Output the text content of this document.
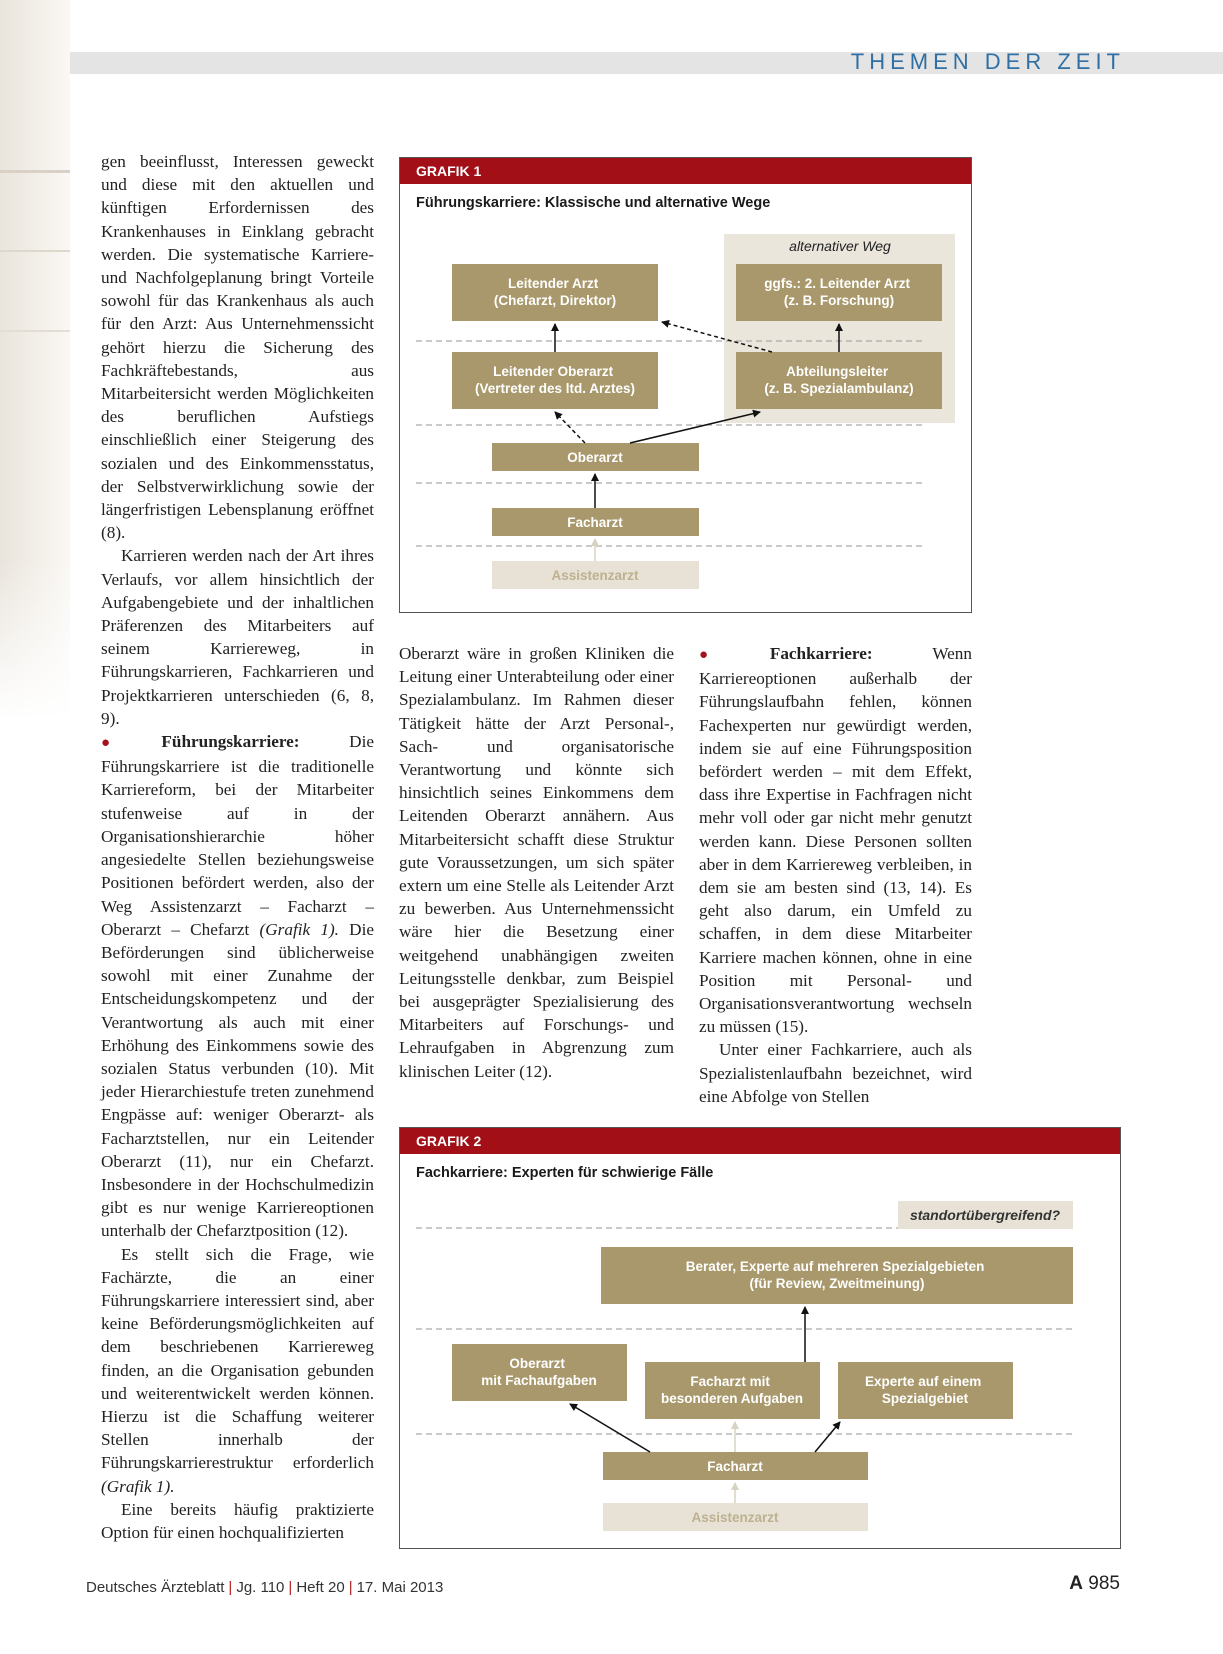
THEMEN DER ZEIT

gen beeinflusst, Interessen geweckt und diese mit den aktuellen und künftigen Erfordernissen des Krankenhauses in Einklang gebracht werden. Die systematische Karriere- und Nachfolgeplanung bringt Vorteile sowohl für das Krankenhaus als auch für den Arzt: Aus Unternehmenssicht gehört hierzu die Sicherung des Fachkräftebestands, aus Mitarbeitersicht werden Möglichkeiten des beruflichen Aufstiegs einschließlich einer Steigerung des sozialen und des Einkommensstatus, der Selbstverwirklichung sowie der längerfristigen Lebensplanung eröffnet (8).

Karrieren werden nach der Art ihres Verlaufs, vor allem hinsichtlich der Aufgabengebiete und der inhaltlichen Präferenzen des Mitarbeiters auf seinem Karriereweg, in Führungskarrieren, Fachkarrieren und Projektkarrieren unterschieden (6, 8, 9).

● Führungskarriere: Die Führungskarriere ist die traditionelle Karriereform, bei der Mitarbeiter stufenweise auf in der Organisationshierarchie höher angesiedelte Stellen beziehungsweise Positionen befördert werden, also der Weg Assistenzarzt – Facharzt – Oberarzt – Chefarzt (Grafik 1). Die Beförderungen sind üblicherweise sowohl mit einer Zunahme der Entscheidungskompetenz und der Verantwortung als auch mit einer Erhöhung des Einkommens sowie des sozialen Status verbunden (10). Mit jeder Hierarchiestufe treten zunehmend Engpässe auf: weniger Oberarzt- als Facharztstellen, nur ein Leitender Oberarzt (11), nur ein Chefarzt. Insbesondere in der Hochschulmedizin gibt es nur wenige Karriereoptionen unterhalb der Chefarztposition (12).

Es stellt sich die Frage, wie Fachärzte, die an einer Führungskarriere interessiert sind, aber keine Beförderungsmöglichkeiten auf dem beschriebenen Karriereweg finden, an die Organisation gebunden und weiterentwickelt werden können. Hierzu ist die Schaffung weiterer Stellen innerhalb der Führungskarrierestruktur erforderlich (Grafik 1).

Eine bereits häufig praktizierte Option für einen hochqualifizierten

Oberarzt wäre in großen Kliniken die Leitung einer Unterabteilung oder einer Spezialambulanz. Im Rahmen dieser Tätigkeit hätte der Arzt Personal-, Sach- und organisatorische Verantwortung und könnte sich hinsichtlich seines Einkommens dem Leitenden Oberarzt annähern. Aus Mitarbeitersicht schafft diese Struktur gute Voraussetzungen, um sich später extern um eine Stelle als Leitender Arzt zu bewerben. Aus Unternehmenssicht wäre hier die Besetzung einer weitgehend unabhängigen zweiten Leitungsstelle denkbar, zum Beispiel bei ausgeprägter Spezialisierung des Mitarbeiters auf Forschungs- und Lehraufgaben in Abgrenzung zum klinischen Leiter (12).

● Fachkarriere: Wenn Karriereoptionen außerhalb der Führungslaufbahn fehlen, können Fachexperten nur gewürdigt werden, indem sie auf eine Führungsposition befördert werden – mit dem Effekt, dass ihre Expertise in Fachfragen nicht mehr voll oder gar nicht mehr genutzt werden kann. Diese Personen sollten aber in dem Karriereweg verbleiben, in dem sie am besten sind (13, 14). Es geht also darum, ein Umfeld zu schaffen, in dem diese Mitarbeiter Karriere machen können, ohne in eine Position mit Personal- und Organisationsverantwortung wechseln zu müssen (15).

Unter einer Fachkarriere, auch als Spezialistenlaufbahn bezeichnet, wird eine Abfolge von Stellen

GRAFIK 1
Führungskarriere: Klassische und alternative Wege
alternativer Weg
Leitender Arzt (Chefarzt, Direktor)
ggfs.: 2. Leitender Arzt (z. B. Forschung)
Leitender Oberarzt (Vertreter des ltd. Arztes)
Abteilungsleiter (z. B. Spezialambulanz)
Oberarzt
Facharzt
Assistenzarzt
GRAFIK 2
Fachkarriere: Experten für schwierige Fälle
standortübergreifend?
Berater, Experte auf mehreren Spezialgebieten (für Review, Zweitmeinung)
Oberarzt mit Fachaufgaben	Facharzt mit besonderen Aufgaben
Experte auf einem Spezialgebiet
Facharzt
Assistenzarzt
Deutsches Ärzteblatt | Jg. 110 | Heft 20 | 17. Mai 2013	A 985
